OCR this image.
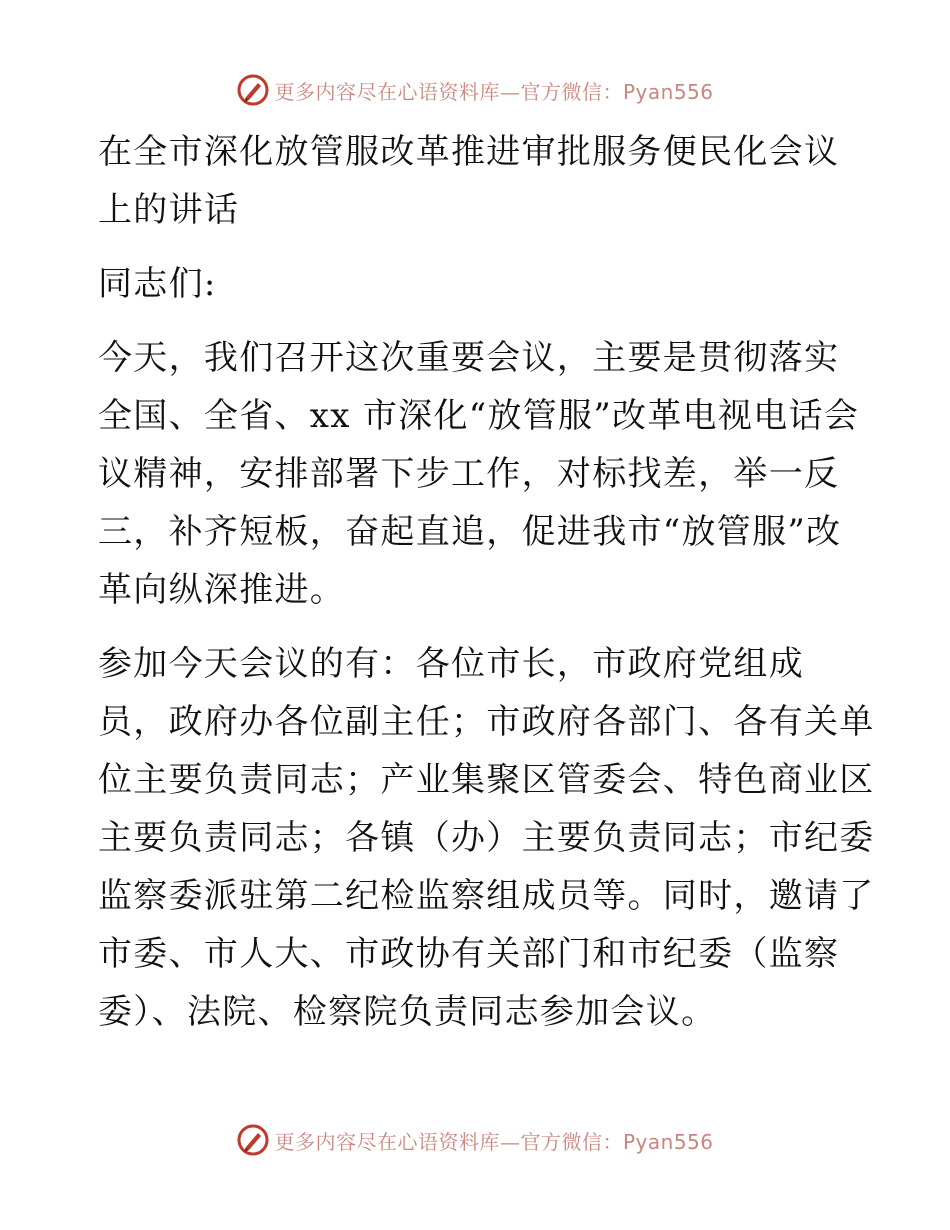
更多内容尽在心语资料库—官方微信：Pyan556
在全市深化放管服改革推进审批服务便民化会议
上的讲话
同志们:
今天，我们召开这次重要会议，主要是贯彻落实
全国、全省、xx 市深化“放管服”改革电视电话会
议精神，安排部署下步工作，对标找差，举一反
三，补齐短板，奋起直追，促进我市“放管服”改
革向纵深推进。
参加今天会议的有：各位市长，市政府党组成
员，政府办各位副主任；市政府各部门、各有关单
位主要负责同志；产业集聚区管委会、特色商业区
主要负责同志；各镇（办）主要负责同志；市纪委
监察委派驻第二纪检监察组成员等。同时，邀请了
市委、市人大、市政协有关部门和市纪委（监察
委）、法院、检察院负责同志参加会议。
更多内容尽在心语资料库—官方微信：Pyan556
